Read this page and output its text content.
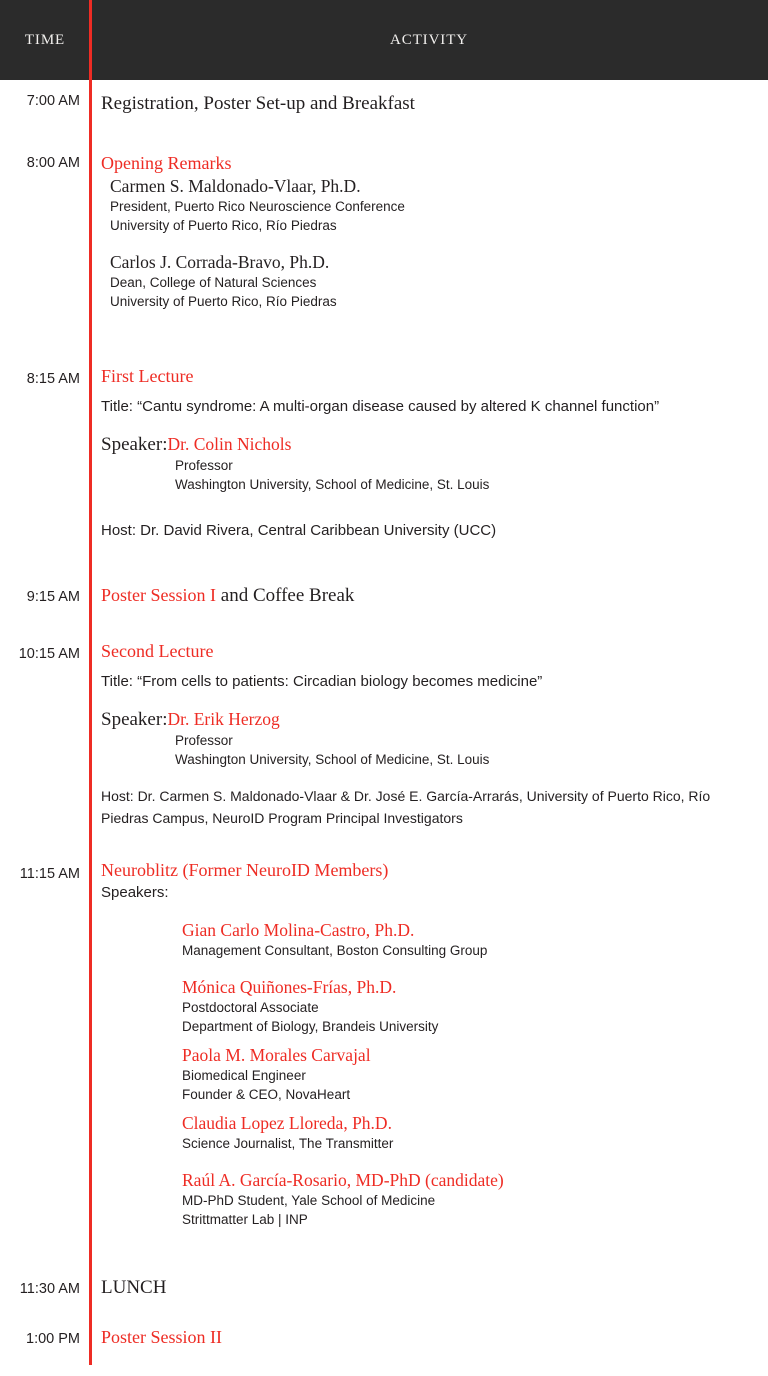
TIME	ACTIVITY
7:00 AM Registration, Poster Set-up and Breakfast
8:00 AM Opening Remarks
Carmen S. Maldonado-Vlaar, Ph.D.
President, Puerto Rico Neuroscience Conference
University of Puerto Rico, Río Piedras
Carlos J. Corrada-Bravo, Ph.D.
Dean, College of Natural Sciences
University of Puerto Rico, Río Piedras
8:15 AM First Lecture
Title: “Cantu syndrome: A multi-organ disease caused by altered K channel function”
Speaker:Dr. Colin Nichols
Professor
Washington University, School of Medicine, St. Louis
Host: Dr. David Rivera, Central Caribbean University (UCC)
9:15 AM Poster Session I and Coffee Break
10:15 AM Second Lecture
Title: “From cells to patients: Circadian biology becomes medicine”
Speaker:Dr. Erik Herzog
Professor
Washington University, School of Medicine, St. Louis
Host: Dr. Carmen S. Maldonado-Vlaar & Dr. José E. García-Arrarás, University of Puerto Rico, Río Piedras Campus, NeuroID Program Principal Investigators
11:15 AM Neuroblitz (Former NeuroID Members)
Speakers:
Gian Carlo Molina-Castro, Ph.D.
Management Consultant, Boston Consulting Group
Mónica Quiñones-Frías, Ph.D.
Postdoctoral Associate
Department of Biology, Brandeis University
Paola M. Morales Carvajal
Biomedical Engineer
Founder & CEO, NovaHeart
Claudia Lopez Lloreda, Ph.D.
Science Journalist, The Transmitter
Raúl A. García-Rosario, MD-PhD (candidate)
MD-PhD Student, Yale School of Medicine
Strittmatter Lab | INP
11:30 AM LUNCH
1:00 PM Poster Session II
